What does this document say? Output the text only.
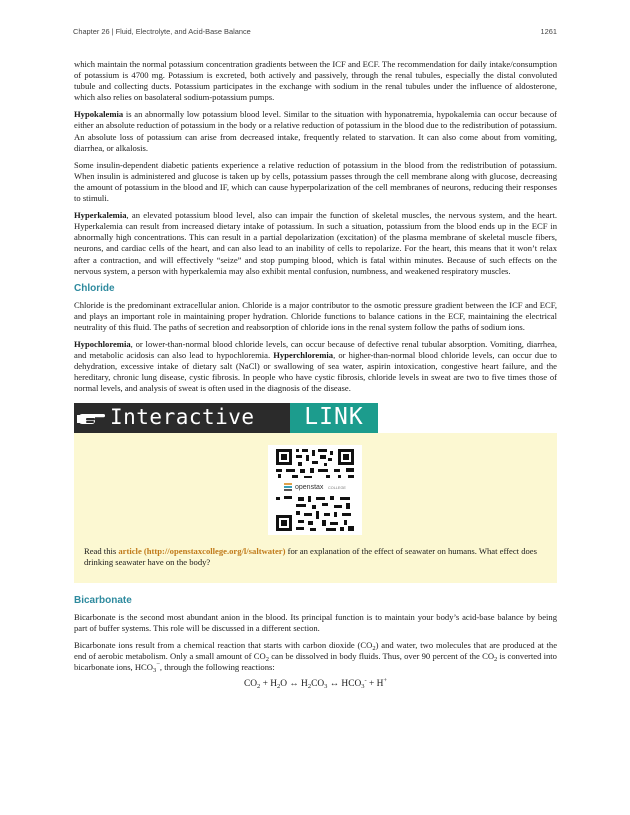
Chapter 26 | Fluid, Electrolyte, and Acid-Base Balance	1261

which maintain the normal potassium concentration gradients between the ICF and ECF. The recommendation for daily intake/consumption of potassium is 4700 mg. Potassium is excreted, both actively and passively, through the renal tubules, especially the distal convoluted tubule and collecting ducts. Potassium participates in the exchange with sodium in the renal tubules under the influence of aldosterone, which also relies on basolateral sodium-potassium pumps.

Hypokalemia is an abnormally low potassium blood level. Similar to the situation with hyponatremia, hypokalemia can occur because of either an absolute reduction of potassium in the body or a relative reduction of potassium in the blood due to the redistribution of potassium. An absolute loss of potassium can arise from decreased intake, frequently related to starvation. It can also come about from vomiting, diarrhea, or alkalosis.

Some insulin-dependent diabetic patients experience a relative reduction of potassium in the blood from the redistribution of potassium. When insulin is administered and glucose is taken up by cells, potassium passes through the cell membrane along with glucose, decreasing the amount of potassium in the blood and IF, which can cause hyperpolarization of the cell membranes of neurons, reducing their responses to stimuli.

Hyperkalemia, an elevated potassium blood level, also can impair the function of skeletal muscles, the nervous system, and the heart. Hyperkalemia can result from increased dietary intake of potassium. In such a situation, potassium from the blood ends up in the ECF in abnormally high concentrations. This can result in a partial depolarization (excitation) of the plasma membrane of skeletal muscle fibers, neurons, and cardiac cells of the heart, and can also lead to an inability of cells to repolarize. For the heart, this means that it won’t relax after a contraction, and will effectively “seize” and stop pumping blood, which is fatal within minutes. Because of such effects on the nervous system, a person with hyperkalemia may also exhibit mental confusion, numbness, and weakened respiratory muscles.

Chloride

Chloride is the predominant extracellular anion. Chloride is a major contributor to the osmotic pressure gradient between the ICF and ECF, and plays an important role in maintaining proper hydration. Chloride functions to balance cations in the ECF, maintaining the electrical neutrality of this fluid. The paths of secretion and reabsorption of chloride ions in the renal system follow the paths of sodium ions.

Hypochloremia, or lower-than-normal blood chloride levels, can occur because of defective renal tubular absorption. Vomiting, diarrhea, and metabolic acidosis can also lead to hypochloremia. Hyperchloremia, or higher-than-normal blood chloride levels, can occur due to dehydration, excessive intake of dietary salt (NaCl) or swallowing of sea water, aspirin intoxication, congestive heart failure, and the hereditary, chronic lung disease, cystic fibrosis. In people who have cystic fibrosis, chloride levels in sweat are two to five times those of normal levels, and analysis of sweat is often used in the diagnosis of the disease.

Interactive	LINK
openstax COLLEGE
Read this article (http://openstaxcollege.org/l/saltwater) for an explanation of the effect of seawater on humans. What effect does drinking seawater have on the body?
Bicarbonate

Bicarbonate is the second most abundant anion in the blood. Its principal function is to maintain your body’s acid-base balance by being part of buffer systems. This role will be discussed in a different section.

Bicarbonate ions result from a chemical reaction that starts with carbon dioxide $(CO_2)$ and water, two molecules that are produced at the end of aerobic metabolism. Only a small amount of $CO_2$ can be dissolved in body fluids. Thus, over 90 percent of the $CO_2$ is converted into bicarbonate ions, $HCO_3^-$, through the following reactions:

$CO_2 + H_2O$ ↔ $H_2CO_3$ ↔ $HCO_3^- + H^+$
